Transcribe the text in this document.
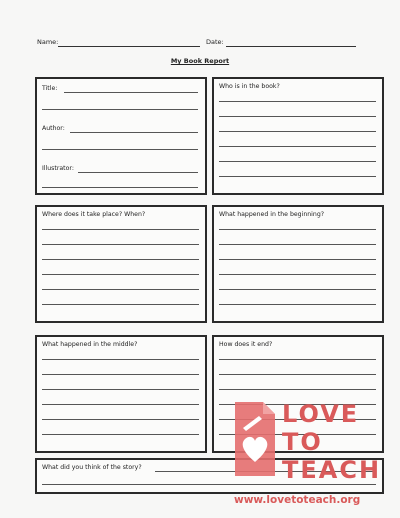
Name:	Date:
My Book Report
Title:
Author:
Illustrator:
Who is in the book?
Where does it take place? When?	What happened in the beginning?
What happened in the middle?	How does it end?
What did you think of the story?
LOVE
TO
TEACH
www.lovetoteach.org
